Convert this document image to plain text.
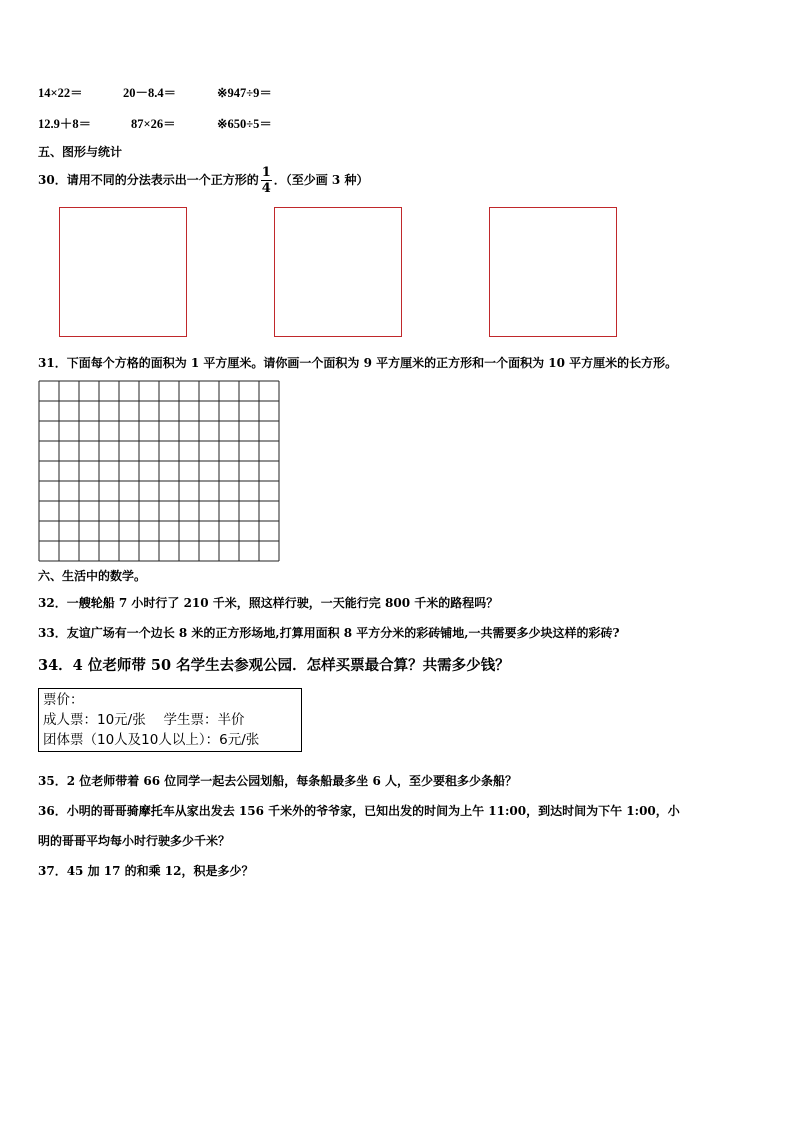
14×22＝	20－8.4＝	※947÷9＝
12.9＋8＝	87×26＝	※650÷5＝
五、图形与统计
30．请用不同的分法表示出一个正方形的 $\frac{1}{4}$ ．（至少画 3 种）
31．下面每个方格的面积为 1 平方厘米。请你画一个面积为 9 平方厘米的正方形和一个面积为 10 平方厘米的长方形。
六、生活中的数学。
32．一艘轮船 7 小时行了 210 千米，照这样行驶，一天能行完 800 千米的路程吗？
33．友谊广场有一个边长 8 米的正方形场地,打算用面积 8 平方分米的彩砖铺地,一共需要多少块这样的彩砖?
34．4 位老师带 50 名学生去参观公园．怎样买票最合算？共需多少钱？
票价：
成人票：10元/张　 学生票：半价
团体票（10人及10人以上）：6元/张
35．2 位老师带着 66 位同学一起去公园划船，每条船最多坐 6 人，至少要租多少条船？
36．小明的哥哥骑摩托车从家出发去 156 千米外的爷爷家，已知出发的时间为上午 11:00，到达时间为下午 1:00，小
明的哥哥平均每小时行驶多少千米？
37．45 加 17 的和乘 12，积是多少？
